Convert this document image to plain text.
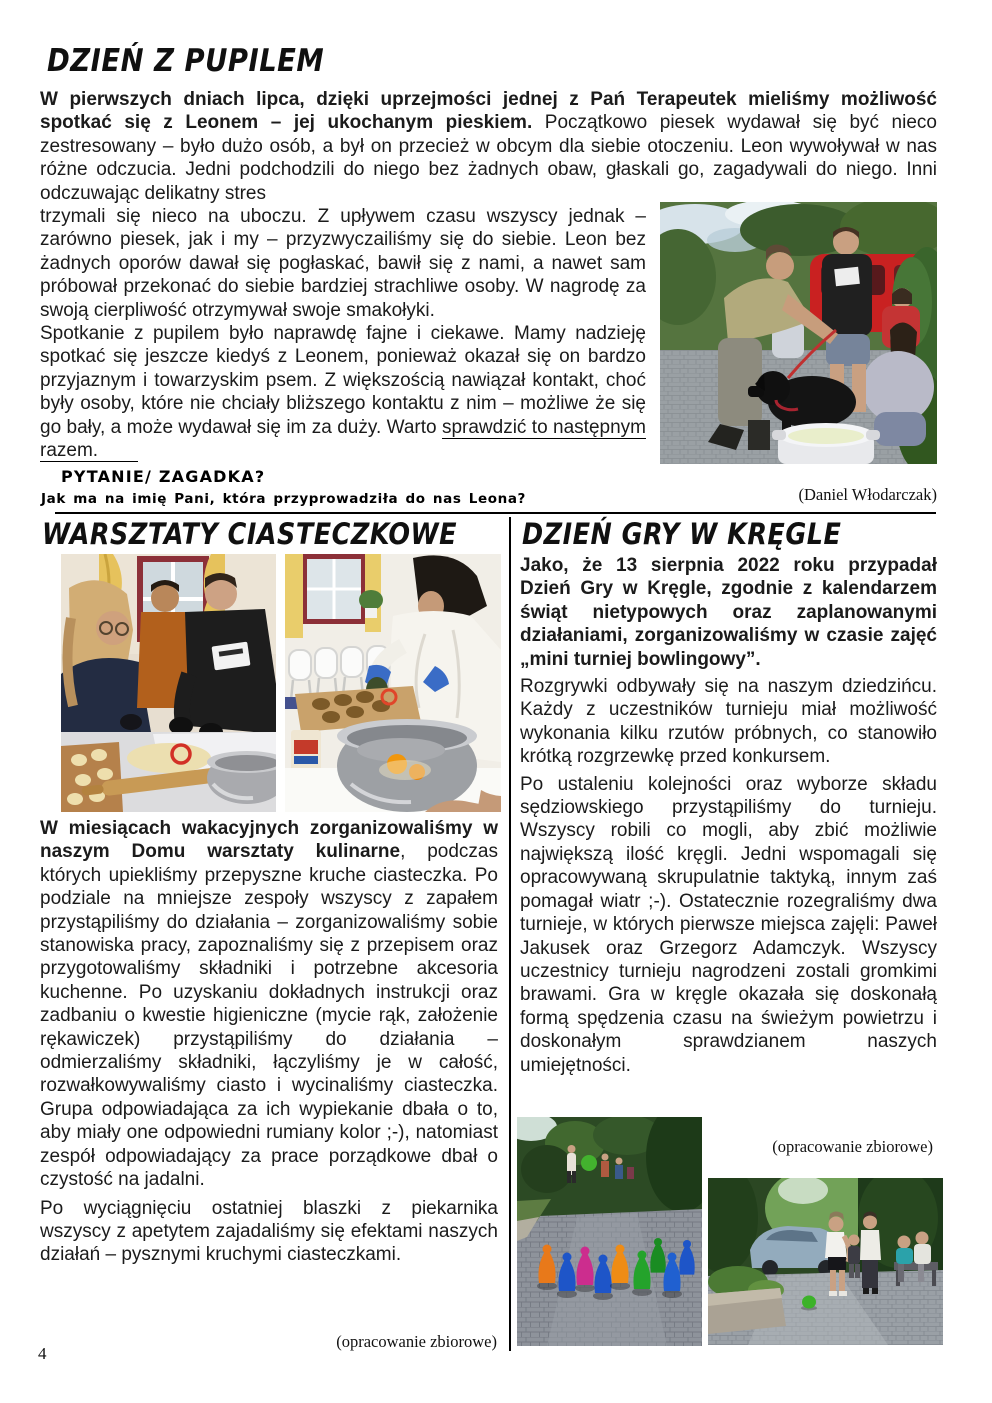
DZIEŃ Z PUPILEM

W pierwszych dniach lipca, dzięki uprzejmości jednej z Pań Terapeutek mieliśmy możliwość spotkać się z Leonem – jej ukochanym pieskiem. Początkowo piesek wydawał się być nieco zestresowany – było dużo osób, a był on przecież w obcym dla siebie otoczeniu. Leon wywoływał w nas różne odczucia. Jedni podchodzili do niego bez żadnych obaw, głaskali go, zagadywali do niego. Inni odczuwając delikatny stres

trzymali się nieco na uboczu. Z upływem czasu wszyscy jednak – zarówno piesek, jak i my – przyzwyczailiśmy się do siebie. Leon bez żadnych oporów dawał się pogłaskać, bawił się z nami, a nawet sam próbował przekonać do siebie bardziej strachliwe osoby. W nagrodę za swoją cierpliwość otrzymywał swoje smakołyki.

Spotkanie z pupilem było naprawdę fajne i ciekawe. Mamy nadzieję spotkać się jeszcze kiedyś z Leonem, ponieważ okazał się on bardzo przyjaznym i towarzyskim psem. Z większością nawiązał kontakt, choć były osoby, które nie chciały bliższego kontaktu z nim – możliwe że się go bały, a może wydawał się im za duży. Warto sprawdzić to następnym razem.

PYTANIE/ ZAGADKA?
Jak ma na imię Pani, która przyprowadziła do nas Leona?	(Daniel Włodarczak)
WARSZTATY CIASTECZKOWE

W miesiącach wakacyjnych zorganizowaliśmy w naszym Domu warsztaty kulinarne, podczas których upiekliśmy przepyszne kruche ciasteczka. Po podziale na mniejsze zespoły wszyscy z zapałem przystąpiliśmy do działania – zorganizowaliśmy sobie stanowiska pracy, zapoznaliśmy się z przepisem oraz przygotowaliśmy składniki i potrzebne akcesoria kuchenne. Po uzyskaniu dokładnych instrukcji oraz zadbaniu o kwestie higieniczne (mycie rąk, założenie rękawiczek) przystąpiliśmy do działania – odmierzaliśmy składniki, łączyliśmy je w całość, rozwałkowywaliśmy ciasto i wycinaliśmy ciasteczka. Grupa odpowiadająca za ich wypiekanie dbała o to, aby miały one odpowiedni rumiany kolor ;-), natomiast zespół odpowiadający za prace porządkowe dbał o czystość na jadalni.

Po wyciągnięciu ostatniej blaszki z piekarnika wszyscy z apetytem zajadaliśmy się efektami naszych działań – pysznymi kruchymi ciasteczkami.

(opracowanie zbiorowe)
DZIEŃ GRY W KRĘGLE

Jako, że 13 sierpnia 2022 roku przypadał Dzień Gry w Kręgle, zgodnie z kalendarzem świąt nietypowych oraz zaplanowanymi działaniami, zorganizowaliśmy w czasie zajęć „mini turniej bowlingowy”.

Rozgrywki odbywały się na naszym dziedzińcu. Każdy z uczestników turnieju miał możliwość wykonania kilku rzutów próbnych, co stanowiło krótką rozgrzewkę przed konkursem.

Po ustaleniu kolejności oraz wyborze składu sędziowskiego przystąpiliśmy do turnieju. Wszyscy robili co mogli, aby zbić możliwie największą ilość kręgli. Jedni wspomagali się opracowywaną skrupulatnie taktyką, innym zaś pomagał wiatr ;-). Ostatecznie rozegraliśmy dwa turnieje, w których pierwsze miejsca zajęli: Paweł Jakusek oraz Grzegorz Adamczyk. Wszyscy uczestnicy turnieju nagrodzeni zostali gromkimi brawami. Gra w kręgle okazała się doskonałą formą spędzenia czasu na świeżym powietrzu i doskonałym sprawdzianem naszych umiejętności.

(opracowanie zbiorowe)
4
